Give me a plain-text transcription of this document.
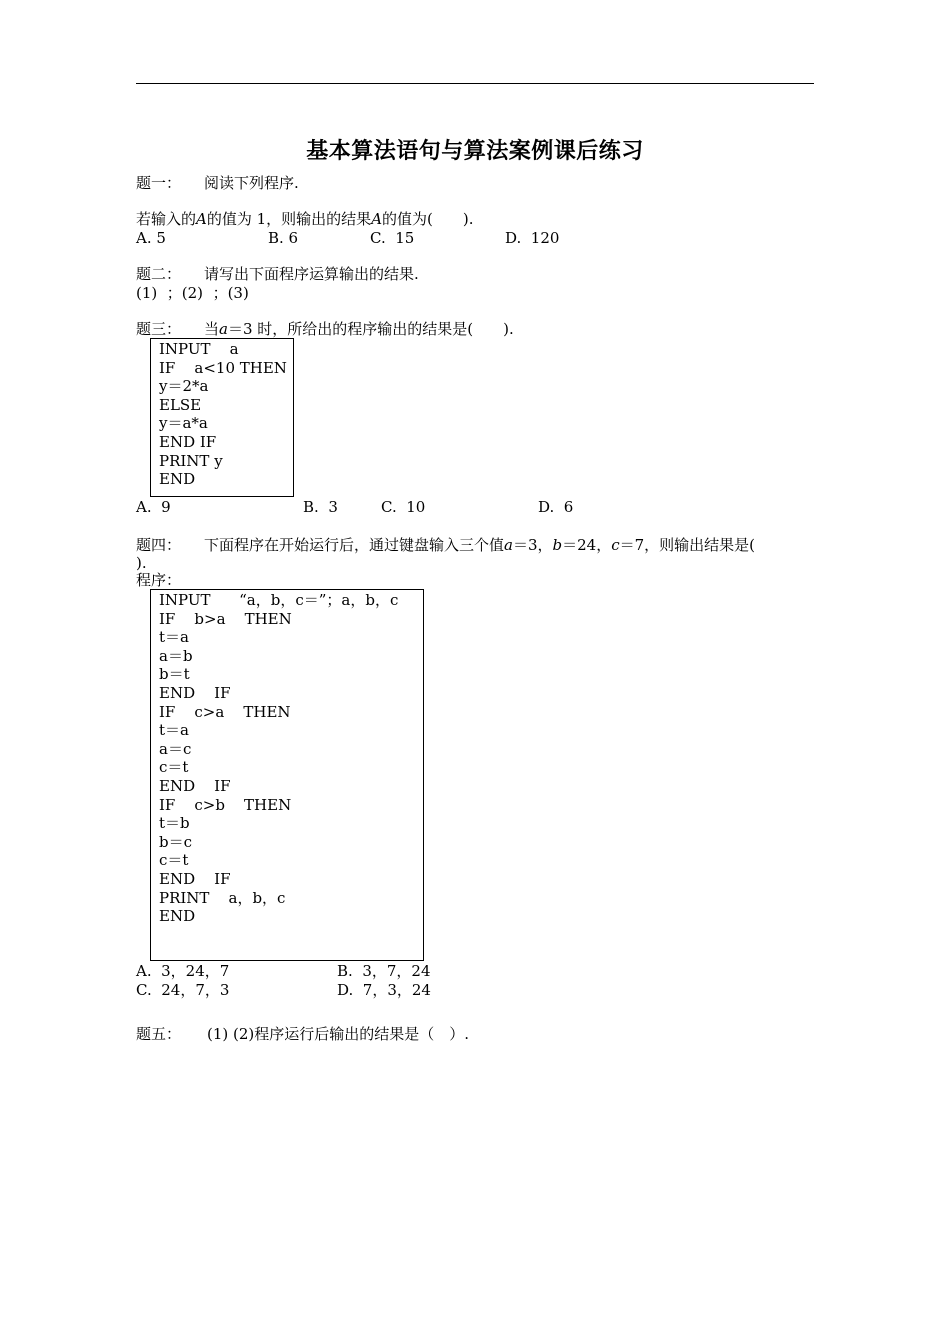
基本算法语句与算法案例课后练习
题一： 阅读下列程序.
若输入的A的值为 1，则输出的结果A的值为(　　).
A. 5	B. 6	C.  15	D.  120
题二： 请写出下面程序运算输出的结果.
(1)  ；(2)  ；(3)
题三： 当a＝3 时，所给出的程序输出的结果是(　　).
INPUT    a
IF    a<10 THEN
y＝2*a
ELSE
y＝a*a
END IF
PRINT y
END
A.  9	B.  3	C.  10	D.  6
题四： 下面程序在开始运行后，通过键盘输入三个值a＝3，b＝24，c＝7，则输出结果是(
).
程序：
INPUT      “a，b，c＝”；a，b，c
IF    b>a    THEN
t＝a
a＝b
b＝t
END    IF
IF    c>a    THEN
t＝a
a＝c
c＝t
END    IF
IF    c>b    THEN
t＝b
b＝c
c＝t
END    IF
PRINT    a，b，c
END
A.  3，24，7	B.  3，7，24
C.  24，7，3	D.  7，3，24
题五： (1) (2)程序运行后输出的结果是（　）.
